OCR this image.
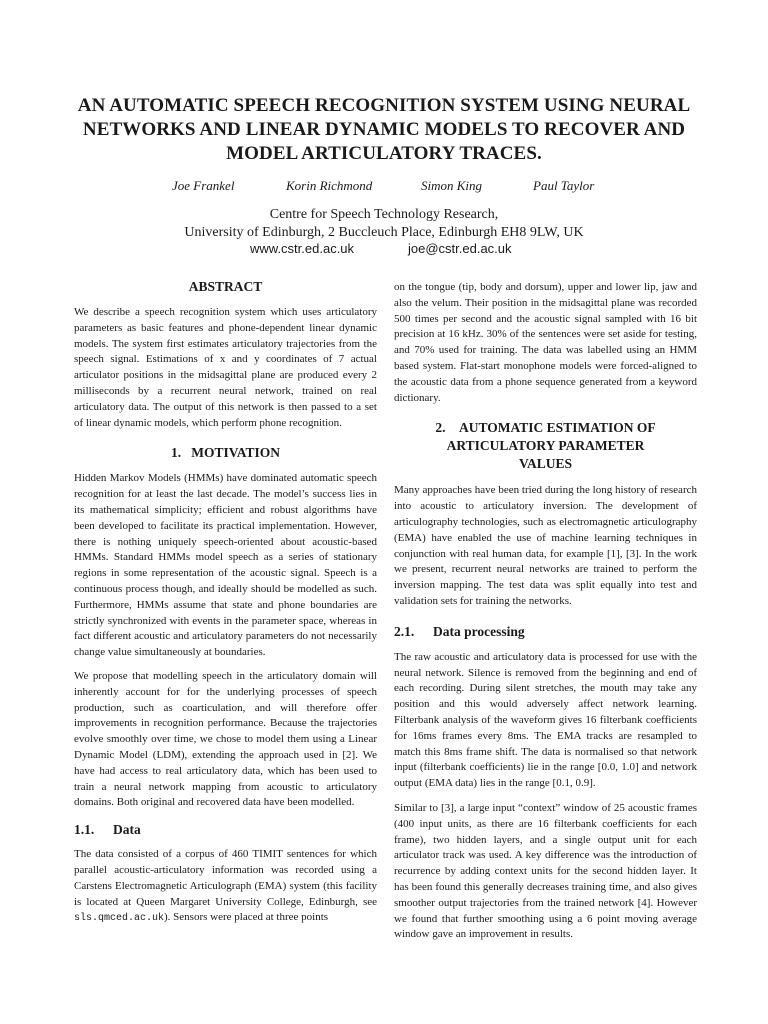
AN AUTOMATIC SPEECH RECOGNITION SYSTEM USING NEURAL
NETWORKS AND LINEAR DYNAMIC MODELS TO RECOVER AND
MODEL ARTICULATORY TRACES.
Joe Frankel	Korin Richmond	Simon King	Paul Taylor
Centre for Speech Technology Research,
University of Edinburgh, 2 Buccleuch Place, Edinburgh EH8 9LW, UK
www.cstr.ed.ac.uk	joe@cstr.ed.ac.uk
ABSTRACT

We describe a speech recognition system which uses articulatory parameters as basic features and phone-dependent linear dynamic models. The system first estimates articulatory trajectories from the speech signal. Estimations of x and y coordinates of 7 actual articulator positions in the midsagittal plane are produced every 2 milliseconds by a recurrent neural network, trained on real articulatory data. The output of this network is then passed to a set of linear dynamic models, which perform phone recognition.

1. MOTIVATION

Hidden Markov Models (HMMs) have dominated automatic speech recognition for at least the last decade. The model’s success lies in its mathematical simplicity; efficient and robust algorithms have been developed to facilitate its practical implementation. However, there is nothing uniquely speech-oriented about acoustic-based HMMs. Standard HMMs model speech as a series of stationary regions in some representation of the acoustic signal. Speech is a continuous process though, and ideally should be modelled as such. Furthermore, HMMs assume that state and phone boundaries are strictly synchronized with events in the parameter space, whereas in fact different acoustic and articulatory parameters do not necessarily change value simultaneously at boundaries.

We propose that modelling speech in the articulatory domain will inherently account for for the underlying processes of speech production, such as coarticulation, and will therefore offer improvements in recognition performance. Because the trajectories evolve smoothly over time, we chose to model them using a Linear Dynamic Model (LDM), extending the approach used in [2]. We have had access to real articulatory data, which has been used to train a neural network mapping from acoustic to articulatory domains. Both original and recovered data have been modelled.

1.1. Data

The data consisted of a corpus of 460 TIMIT sentences for which parallel acoustic-articulatory information was recorded using a Carstens Electromagnetic Articulograph (EMA) system (this facility is located at Queen Margaret University College, Edinburgh, see sls.qmced.ac.uk). Sensors were placed at three points

on the tongue (tip, body and dorsum), upper and lower lip, jaw and also the velum. Their position in the midsagittal plane was recorded 500 times per second and the acoustic signal sampled with 16 bit precision at 16 kHz. 30% of the sentences were set aside for testing, and 70% used for training. The data was labelled using an HMM based system. Flat-start monophone models were forced-aligned to the acoustic data from a phone sequence generated from a keyword dictionary.

2. AUTOMATIC ESTIMATION OF
ARTICULATORY PARAMETER
VALUES

Many approaches have been tried during the long history of research into acoustic to articulatory inversion. The development of articulography technologies, such as electromagnetic articulography (EMA) have enabled the use of machine learning techniques in conjunction with real human data, for example [1], [3]. In the work we present, recurrent neural networks are trained to perform the inversion mapping. The test data was split equally into test and validation sets for training the networks.

2.1. Data processing

The raw acoustic and articulatory data is processed for use with the neural network. Silence is removed from the beginning and end of each recording. During silent stretches, the mouth may take any position and this would adversely affect network learning. Filterbank analysis of the waveform gives 16 filterbank coefficients for 16ms frames every 8ms. The EMA tracks are resampled to match this 8ms frame shift. The data is normalised so that network input (filterbank coefficients) lie in the range [0.0, 1.0] and network output (EMA data) lies in the range [0.1, 0.9].

Similar to [3], a large input “context” window of 25 acoustic frames (400 input units, as there are 16 filterbank coefficients for each frame), two hidden layers, and a single output unit for each articulator track was used. A key difference was the introduction of recurrence by adding context units for the second hidden layer. It has been found this generally decreases training time, and also gives smoother output trajectories from the trained network [4]. However we found that further smoothing using a 6 point moving average window gave an improvement in results.
